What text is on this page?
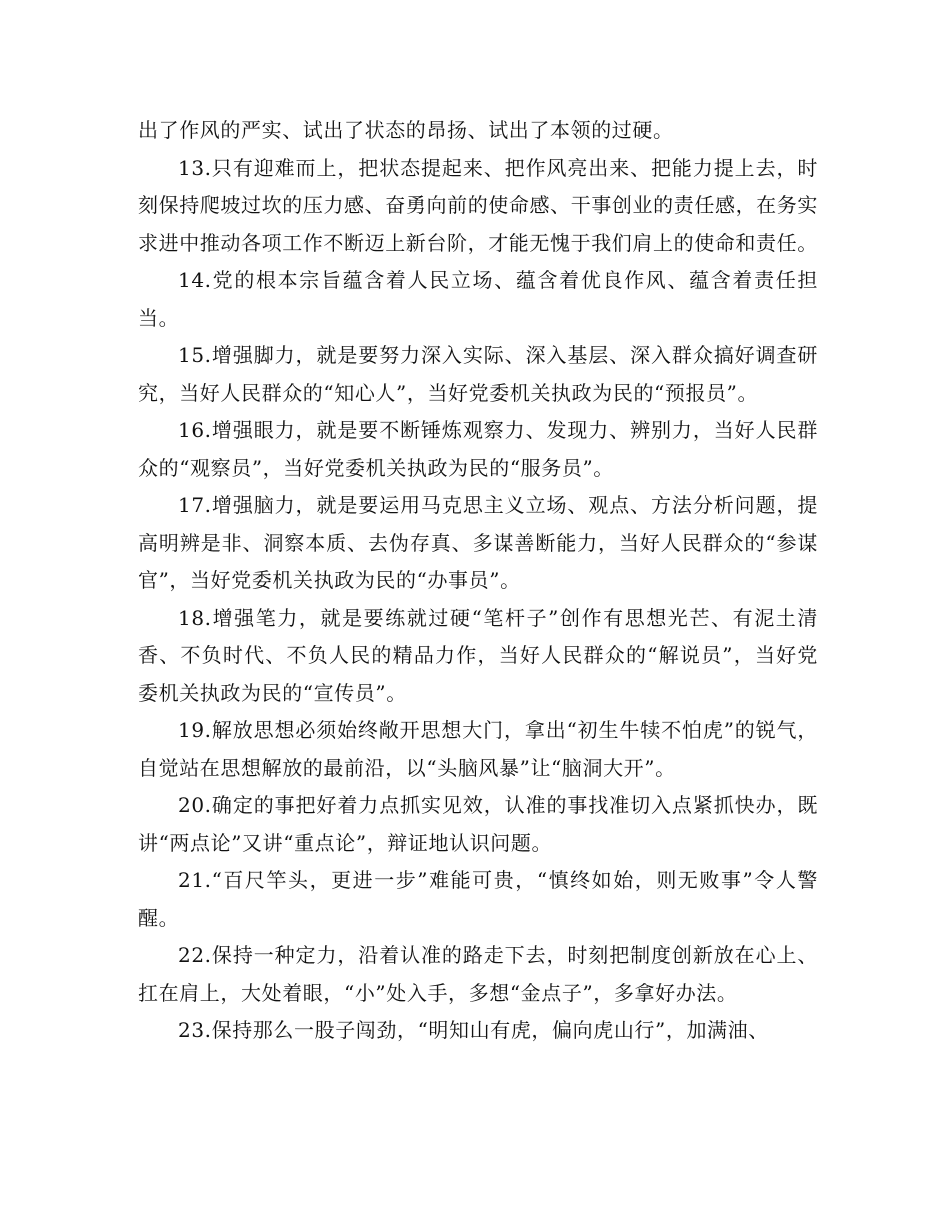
出了作风的严实、试出了状态的昂扬、试出了本领的过硬。

13.只有迎难而上，把状态提起来、把作风亮出来、把能力提上去，时刻保持爬坡过坎的压力感、奋勇向前的使命感、干事创业的责任感，在务实求进中推动各项工作不断迈上新台阶，才能无愧于我们肩上的使命和责任。

14.党的根本宗旨蕴含着人民立场、蕴含着优良作风、蕴含着责任担当。

15.增强脚力，就是要努力深入实际、深入基层、深入群众搞好调查研究，当好人民群众的“知心人”，当好党委机关执政为民的“预报员”。

16.增强眼力，就是要不断锤炼观察力、发现力、辨别力，当好人民群众的“观察员”，当好党委机关执政为民的“服务员”。

17.增强脑力，就是要运用马克思主义立场、观点、方法分析问题，提高明辨是非、洞察本质、去伪存真、多谋善断能力，当好人民群众的“参谋官”，当好党委机关执政为民的“办事员”。

18.增强笔力，就是要练就过硬“笔杆子”创作有思想光芒、有泥土清香、不负时代、不负人民的精品力作，当好人民群众的“解说员”，当好党委机关执政为民的“宣传员”。

19.解放思想必须始终敞开思想大门，拿出“初生牛犊不怕虎”的锐气，自觉站在思想解放的最前沿，以“头脑风暴”让“脑洞大开”。

20.确定的事把好着力点抓实见效，认准的事找准切入点紧抓快办，既讲“两点论”又讲“重点论”，辩证地认识问题。

21.“百尺竿头，更进一步”难能可贵，“慎终如始，则无败事”令人警醒。

22.保持一种定力，沿着认准的路走下去，时刻把制度创新放在心上、扛在肩上，大处着眼，“小”处入手，多想“金点子”，多拿好办法。

23.保持那么一股子闯劲，“明知山有虎，偏向虎山行”，加满油、
